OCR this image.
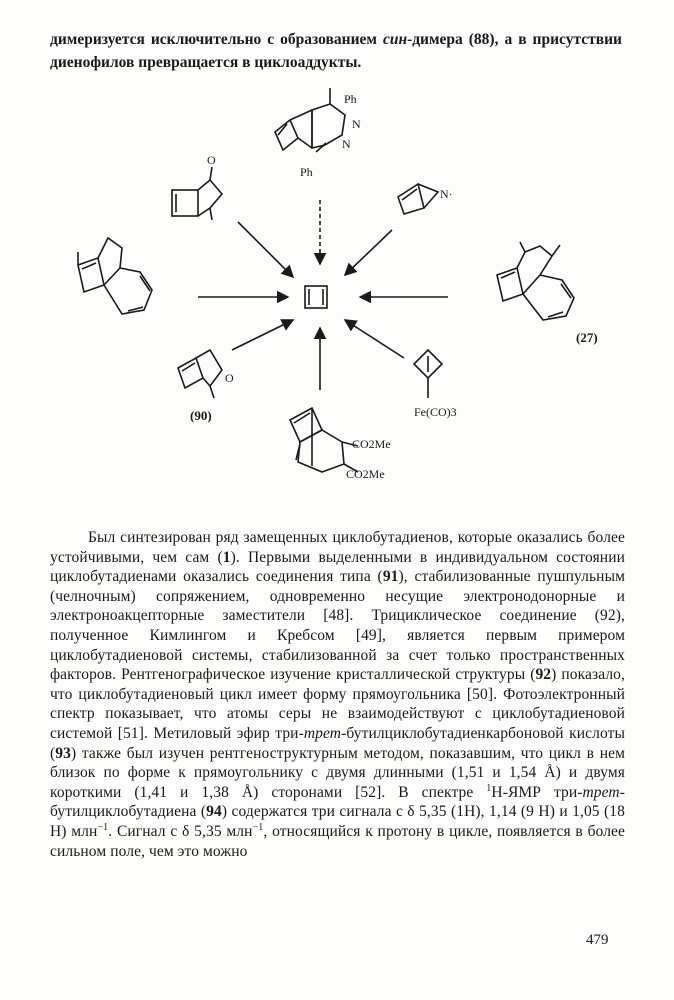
димеризуется исключительно с образованием син-димера (88), а в присутствии диенофилов превращается в циклоаддукты.

Ph
N
N
Ph
O
N·
(27)
O
(90)	Fe(CO)3
CO2Me
CO2Me

Был синтезирован ряд замещенных циклобутадиенов, которые оказались более устойчивыми, чем сам (1). Первыми выделенными в индивидуальном состоянии циклобутадиенами оказались соединения типа (91), стабилизованные пушпульным (челночным) сопряжением, одновременно несущие электронодонорные и электроноакцепторные заместители [48]. Трициклическое соединение (92), полученное Кимлингом и Кребсом [49], является первым примером циклобутадиеновой системы, стабилизованной за счет только пространственных факторов. Рентгенографическое изучение кристаллической структуры (92) показало, что циклобутадиеновый цикл имеет форму прямоугольника [50]. Фотоэлектронный спектр показывает, что атомы серы не взаимодействуют с циклобутадиеновой системой [51]. Метиловый эфир три-трет-бутилциклобутадиенкарбоновой кислоты (93) также был изучен рентгеноструктурным методом, показавшим, что цикл в нем близок по форме к прямоугольнику с двумя длинными (1,51 и 1,54 Å) и двумя короткими (1,41 и 1,38 Å) сторонами [52]. В спектре $^1$Н-ЯМР три-трет-бутилциклобутадиена (94) содержатся три сигнала с δ 5,35 (1Н), 1,14 (9 Н) и 1,05 (18 Н) млн$^{-1}$. Сигнал с δ 5,35 млн$^{-1}$, относящийся к протону в цикле, появляется в более сильном поле, чем это можно

479
